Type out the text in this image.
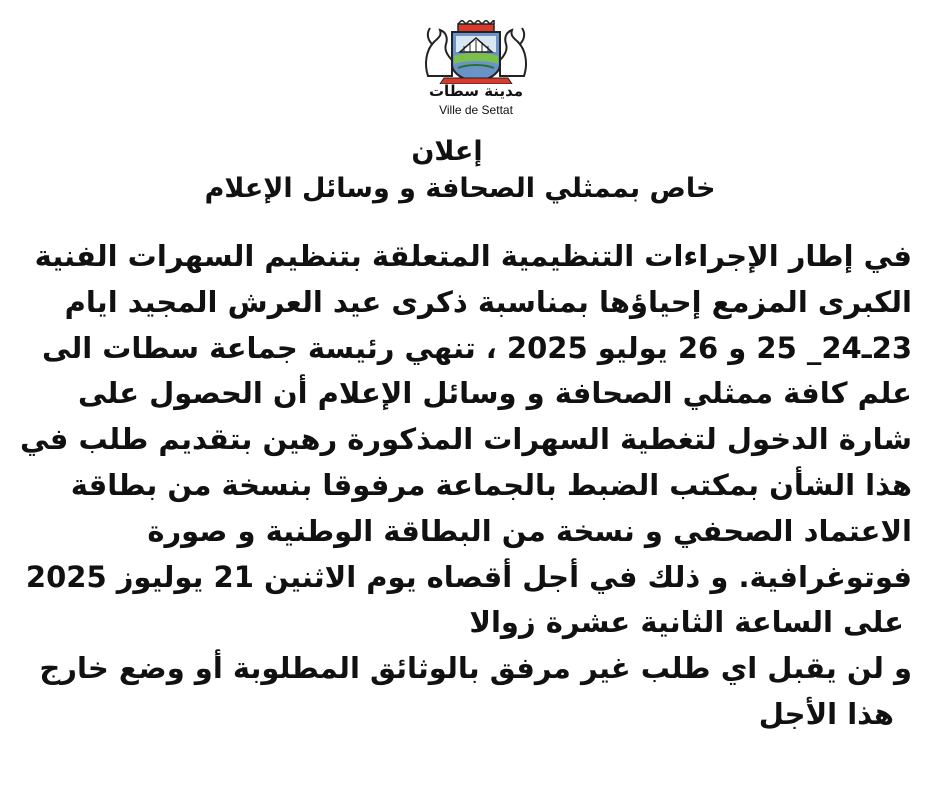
مدينة سطات
Ville de Settat
إعلان
خاص بممثلي الصحافة و وسائل الإعلام
في إطار الإجراءات التنظيمية المتعلقة بتنظيم السهرات الفنية
الكبرى المزمع إحياؤها بمناسبة ذكرى عيد العرش المجيد ايام
23ـ24_ 25 و 26 يوليو 2025 ، تنهي رئيسة جماعة سطات الى
علم كافة ممثلي الصحافة و وسائل الإعلام أن الحصول على
شارة الدخول لتغطية السهرات المذكورة رهين بتقديم طلب في
هذا الشأن بمكتب الضبط بالجماعة مرفوقا بنسخة من بطاقة
الاعتماد الصحفي و نسخة من البطاقة الوطنية و صورة
فوتوغرافية. و ذلك في أجل أقصاه يوم الاثنين 21 يوليوز 2025
على الساعة الثانية عشرة زوالا
و لن يقبل اي طلب غير مرفق بالوثائق المطلوبة أو وضع خارج
هذا الأجل
